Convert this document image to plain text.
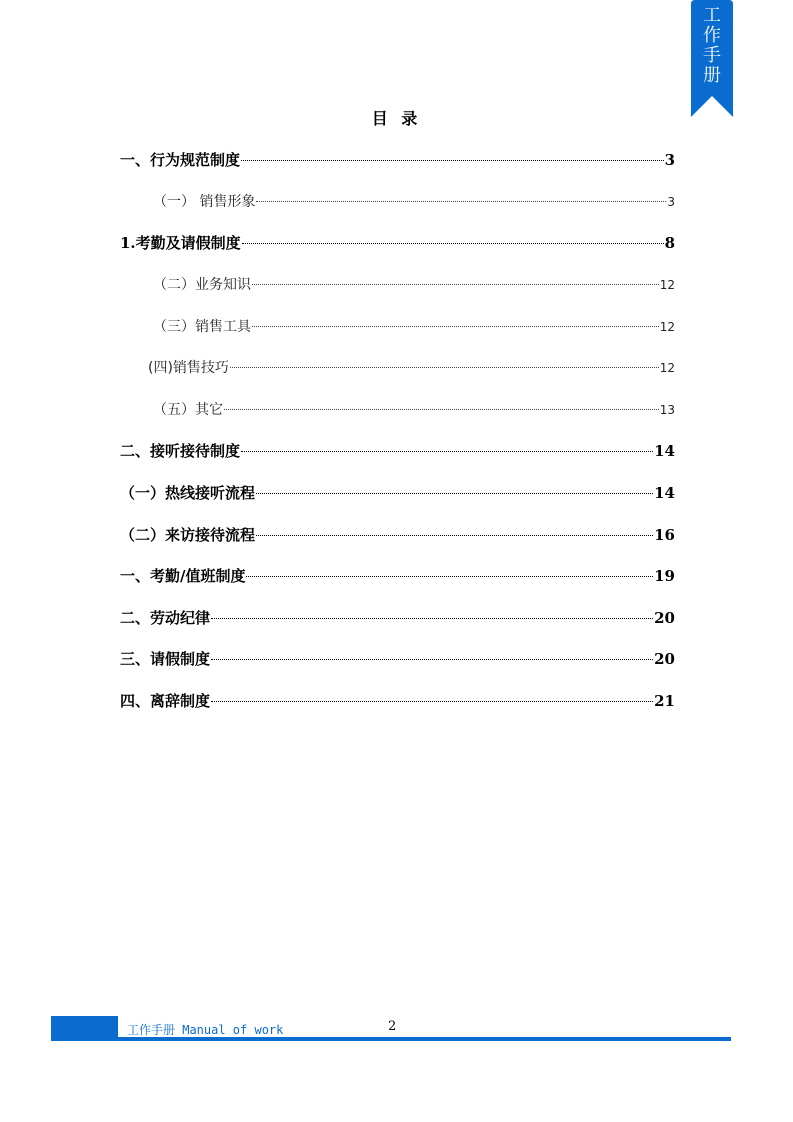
工作手册
目 录
一、行为规范制度	3
（一） 销售形象	3
1.考勤及请假制度	8
（二）业务知识	12
（三）销售工具	12
(四)销售技巧	12
（五）其它	13
二、接听接待制度	14
（一）热线接听流程	14
（二）来访接待流程	16
一、考勤/值班制度	19
二、劳动纪律	20
三、请假制度	20
四、离辞制度	21
2
工作手册 Manual of work
